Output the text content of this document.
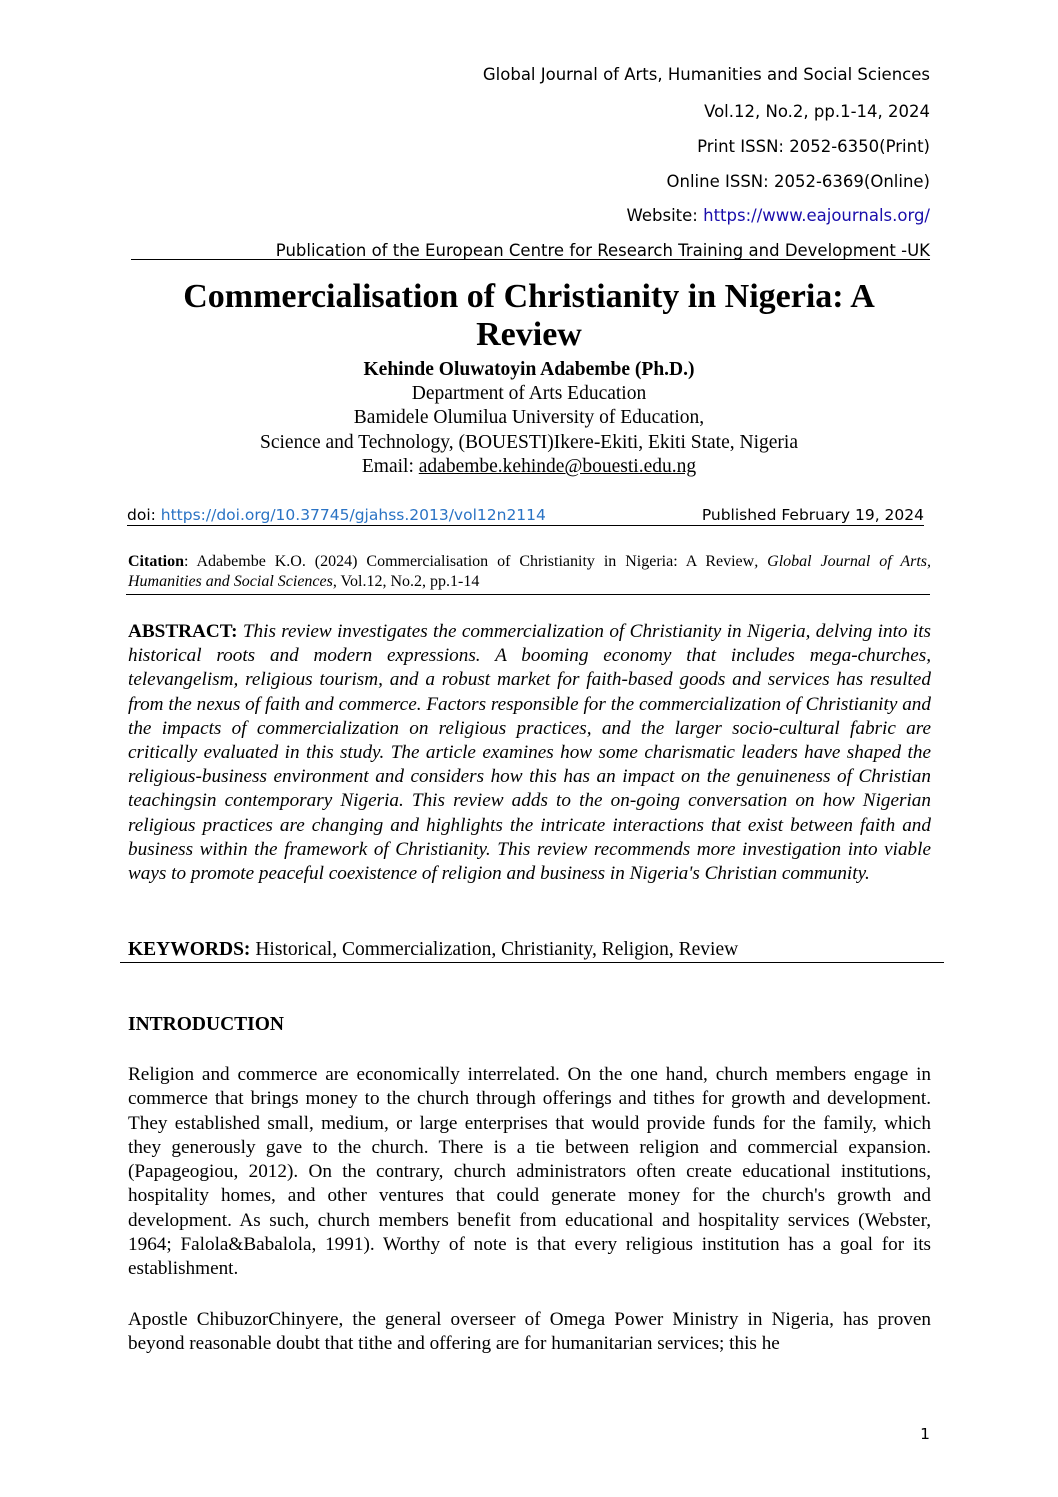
Global Journal of Arts, Humanities and Social Sciences
Vol.12, No.2, pp.1-14, 2024
Print ISSN: 2052-6350(Print)
Online ISSN: 2052-6369(Online)
Website: https://www.eajournals.org/
Publication of the European Centre for Research Training and Development -UK
Commercialisation of Christianity in Nigeria: A
Review
Kehinde Oluwatoyin Adabembe (Ph.D.)
Department of Arts Education
Bamidele Olumilua University of Education,
Science and Technology, (BOUESTI)Ikere-Ekiti, Ekiti State, Nigeria
Email: adabembe.kehinde@bouesti.edu.ng
doi: https://doi.org/10.37745/gjahss.2013/vol12n2114	Published February 19, 2024
Citation: Adabembe K.O. (2024) Commercialisation of Christianity in Nigeria: A Review, Global Journal of Arts, Humanities and Social Sciences, Vol.12, No.2, pp.1-14
ABSTRACT: This review investigates the commercialization of Christianity in Nigeria, delving into its historical roots and modern expressions. A booming economy that includes mega-churches, televangelism, religious tourism, and a robust market for faith-based goods and services has resulted from the nexus of faith and commerce. Factors responsible for the commercialization of Christianity and the impacts of commercialization on religious practices, and the larger socio-cultural fabric are critically evaluated in this study. The article examines how some charismatic leaders have shaped the religious-business environment and considers how this has an impact on the genuineness of Christian teachingsin contemporary Nigeria. This review adds to the on-going conversation on how Nigerian religious practices are changing and highlights the intricate interactions that exist between faith and business within the framework of Christianity. This review recommends more investigation into viable ways to promote peaceful coexistence of religion and business in Nigeria's Christian community.
KEYWORDS: Historical, Commercialization, Christianity, Religion, Review
INTRODUCTION
Religion and commerce are economically interrelated. On the one hand, church members engage in commerce that brings money to the church through offerings and tithes for growth and development. They established small, medium, or large enterprises that would provide funds for the family, which they generously gave to the church. There is a tie between religion and commercial expansion. (Papageogiou, 2012). On the contrary, church administrators often create educational institutions, hospitality homes, and other ventures that could generate money for the church's growth and development. As such, church members benefit from educational and hospitality services (Webster, 1964; Falola&Babalola, 1991). Worthy of note is that every religious institution has a goal for its establishment.
Apostle ChibuzorChinyere, the general overseer of Omega Power Ministry in Nigeria, has proven beyond reasonable doubt that tithe and offering are for humanitarian services; this he
1
